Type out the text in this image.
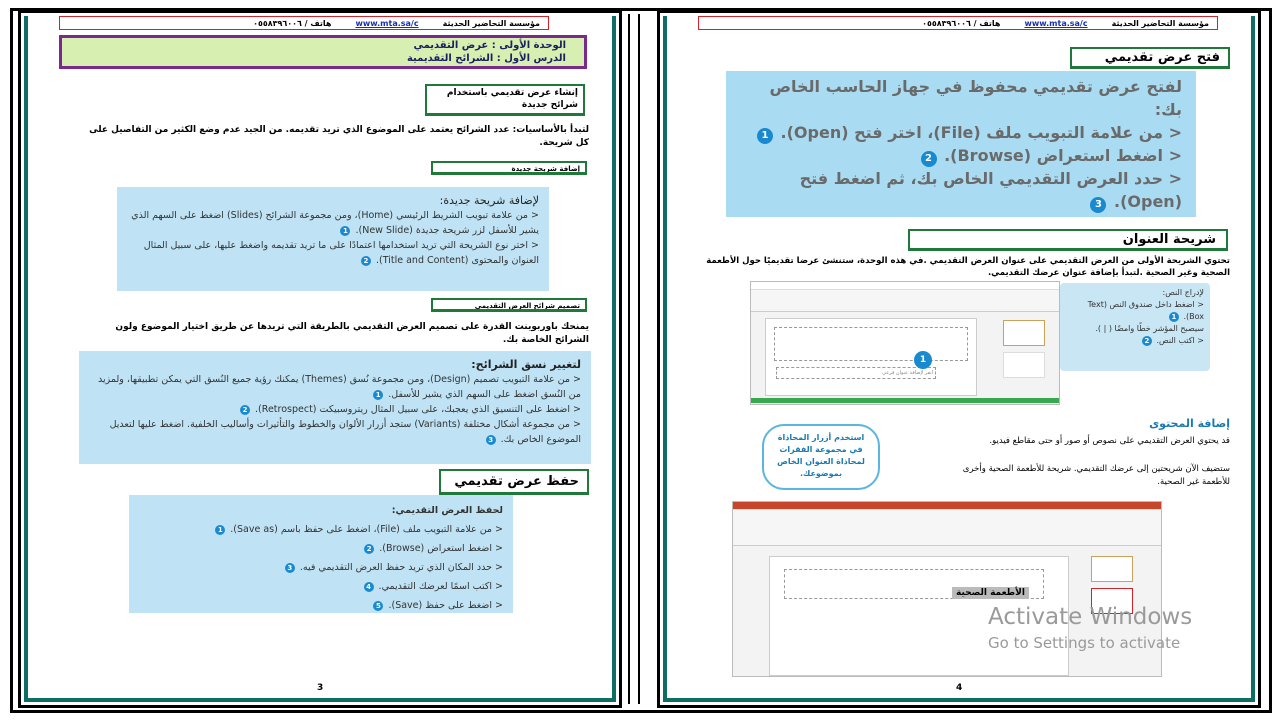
مؤسسة التحاضير الحديثة
www.mta.sa/c
هاتف / ٠٥٥٨٣٩٦٠٠٦
الوحدة الأولى : عرض التقديمي
الدرس الأول : الشرائح التقديمية
إنشاء عرض تقديمي باستخدام شرائح جديدة
لتبدأ بالأساسيات: عدد الشرائح يعتمد على الموضوع الذي تريد تقديمه. من الجيد عدم وضع الكثير من التفاصيل على كل شريحة.
إضافة شريحة جديدة
لإضافة شريحة جديدة:
< من علامة تبويب الشريط الرئيسي (Home)، ومن مجموعة الشرائح (Slides) اضغط على السهم الذي يشير للأسفل لزر شريحة جديدة (New Slide). 1
< اختر نوع الشريحة التي تريد استخدامها اعتمادًا على ما تريد تقديمه واضغط عليها، على سبيل المثال العنوان والمحتوى (Title and Content). 2
تصميم شرائح العرض التقديمي
يمنحك باوربوينت القدرة على تصميم العرض التقديمي بالطريقة التي تريدها عن طريق اختيار الموضوع ولون الشرائح الخاصة بك.
لتغيير نسق الشرائح:
< من علامة التبويب تصميم (Design)، ومن مجموعة نُسق (Themes) يمكنك رؤية جميع النُسق التي يمكن تطبيقها، ولمزيد من النُسق اضغط على السهم الذي يشير للأسفل. 1
< اضغط على التنسيق الذي يعجبك، على سبيل المثال ريتروسبيكت (Retrospect). 2
< من مجموعة أشكال مختلفة (Variants) ستجد أزرار الألوان والخطوط والتأثيرات وأساليب الخلفية. اضغط عليها لتعديل الموضوع الخاص بك. 3
حفظ عرض تقديمي
لحفظ العرض التقديمي:
< من علامة التبويب ملف (File)، اضغط على حفظ باسم (Save as). 1
< اضغط استعراض (Browse). 2
< حدد المكان الذي تريد حفظ العرض التقديمي فيه. 3
< اكتب اسمًا لعرضك التقديمي. 4
< اضغط على حفظ (Save). 5
3
مؤسسة التحاضير الحديثة
www.mta.sa/c
هاتف / ٠٥٥٨٣٩٦٠٠٦
فتح عرض تقديمي
لفتح عرض تقديمي محفوظ في جهاز الحاسب الخاص بك:
< من علامة التبويب ملف (File)، اختر فتح (Open). 1
< اضغط استعراض (Browse). 2
< حدد العرض التقديمي الخاص بك، ثم اضغط فتح (Open). 3
شريحة العنوان
تحتوي الشريحة الأولى من العرض التقديمي على عنوان العرض التقديمي .في هذه الوحدة، ستنشئ عرضا تقديميًا حول الأطعمة الصحية وغير الصحية .لتبدأ بإضافة عنوان عرضك التقديمي.
انقر لإضافة عنوان فرعي
1
لإدراج النص:
< اضغط داخل صندوق النص (Text Box). 1
سيصبح المؤشر خطًا وامضًا ( | ).
< اكتب النص. 2
استخدم أزرار المحاذاة في مجموعة الفقرات لمحاذاة العنوان الخاص بموضوعك.
إضافة المحتوى
قد يحتوي العرض التقديمي على نصوص أو صور أو حتى مقاطع فيديو.
ستضيف الآن شريحتين إلى عرضك التقديمي. شريحة للأطعمة الصحية وأخرى للأطعمة غير الصحية.
الأطعمة الصحية
4
Activate Windows
Go to Settings to activate
